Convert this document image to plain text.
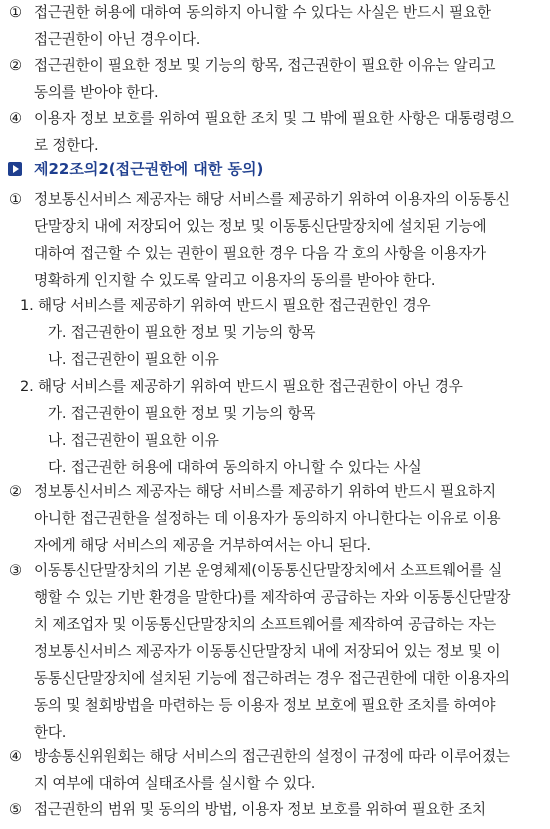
① 접근권한 허용에 대하여 동의하지 아니할 수 있다는 사실은 반드시 필요한
접근권한이 아닌 경우이다.
② 접근권한이 필요한 정보 및 기능의 항목, 접근권한이 필요한 이유는 알리고
동의를 받아야 한다.
④ 이용자 정보 보호를 위하여 필요한 조치 및 그 밖에 필요한 사항은 대통령령으
로 정한다.
제22조의2(접근권한에 대한 동의)
① 정보통신서비스 제공자는 해당 서비스를 제공하기 위하여 이용자의 이동통신
단말장치 내에 저장되어 있는 정보 및 이동통신단말장치에 설치된 기능에
대하여 접근할 수 있는 권한이 필요한 경우 다음 각 호의 사항을 이용자가
명확하게 인지할 수 있도록 알리고 이용자의 동의를 받아야 한다.
1. 해당 서비스를 제공하기 위하여 반드시 필요한 접근권한인 경우
가. 접근권한이 필요한 정보 및 기능의 항목
나. 접근권한이 필요한 이유
2. 해당 서비스를 제공하기 위하여 반드시 필요한 접근권한이 아닌 경우
가. 접근권한이 필요한 정보 및 기능의 항목
나. 접근권한이 필요한 이유
다. 접근권한 허용에 대하여 동의하지 아니할 수 있다는 사실
② 정보통신서비스 제공자는 해당 서비스를 제공하기 위하여 반드시 필요하지
아니한 접근권한을 설정하는 데 이용자가 동의하지 아니한다는 이유로 이용
자에게 해당 서비스의 제공을 거부하여서는 아니 된다.
③ 이동통신단말장치의 기본 운영체제(이동통신단말장치에서 소프트웨어를 실
행할 수 있는 기반 환경을 말한다)를 제작하여 공급하는 자와 이동통신단말장
치 제조업자 및 이동통신단말장치의 소프트웨어를 제작하여 공급하는 자는
정보통신서비스 제공자가 이동통신단말장치 내에 저장되어 있는 정보 및 이
동통신단말장치에 설치된 기능에 접근하려는 경우 접근권한에 대한 이용자의
동의 및 철회방법을 마련하는 등 이용자 정보 보호에 필요한 조치를 하여야
한다.
④ 방송통신위원회는 해당 서비스의 접근권한의 설정이 규정에 따라 이루어졌는
지 여부에 대하여 실태조사를 실시할 수 있다.
⑤ 접근권한의 범위 및 동의의 방법, 이용자 정보 보호를 위하여 필요한 조치
